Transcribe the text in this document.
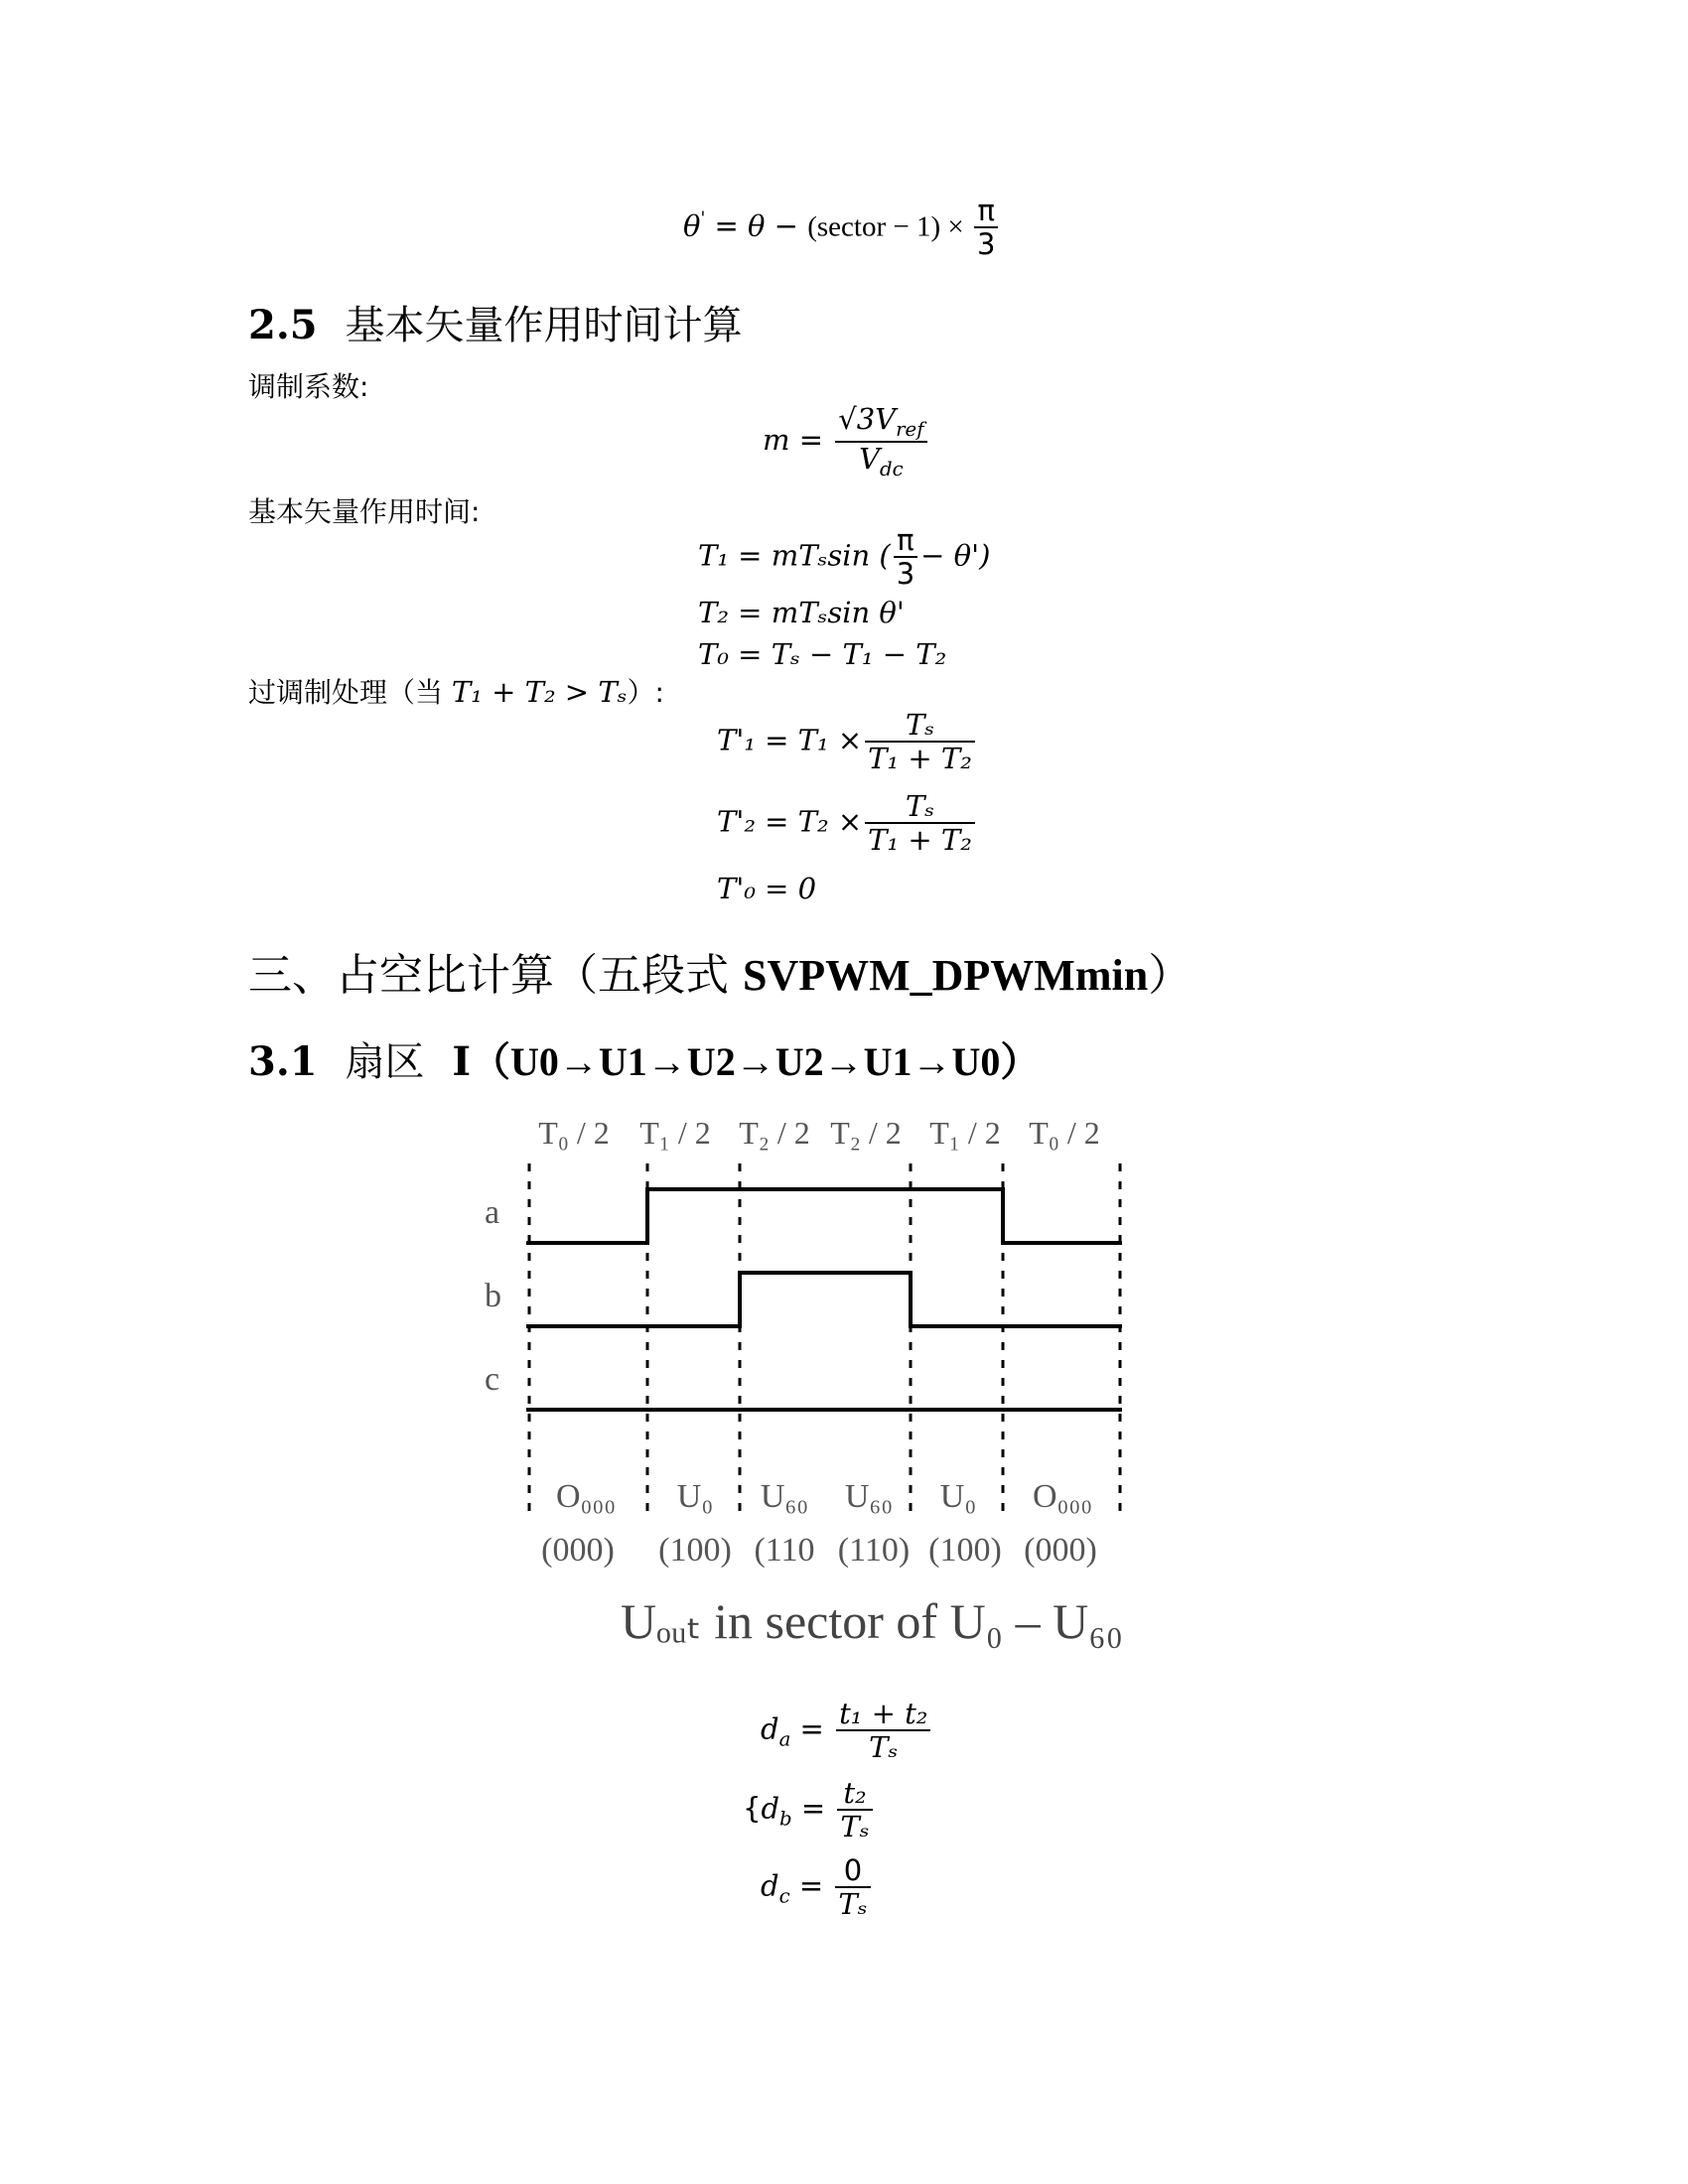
θ' = θ − (sector − $1) \times \frac{\pi}{3}$
2.5 基本矢量作用时间计算
调制系数:
$m = \frac{√3V_{ref}}{V_{dc}}$
基本矢量作用时间:
T₁ = mTₛsin ( $\frac{\pi}{3} - \theta'$)
T₂ = mTₛsin θ'
T₀ = Tₛ − T₁ − T₂
过调制处理（当 T₁ + T₂ > Tₛ）:
$T'_1 = T_1 \times \frac{\text{Tₛ}}{\text{T₁ + T₂}}$
$T'_2 = T_2 \times \frac{\text{Tₛ}}{\text{T₁ + T₂}}$
T'₀ = 0
三、占空比计算（五段式 SVPWM_DPWMmin）
3.1 扇区 I（U0→U1→U2→U2→U1→U0）
T₀ / 2 T₁ / 2 T₂ / 2 T₂ / 2 T₁ / 2 T₀ / 2
a
b
c
O₀₀₀ U₀ U₆₀ U₆₀ U₀ O₀₀₀
(000) (100) (110 (110) (100) (000)
Uₒᵤₜ in sector of U₀ – U₆₀
$d_a = \frac{\text{t₁ + t₂}}{\text{Tₛ}}$
{$d_b = \frac{\text{t₂}}{\text{Tₛ}}$
$d_c = \frac{0}{\text{Tₛ}}$
